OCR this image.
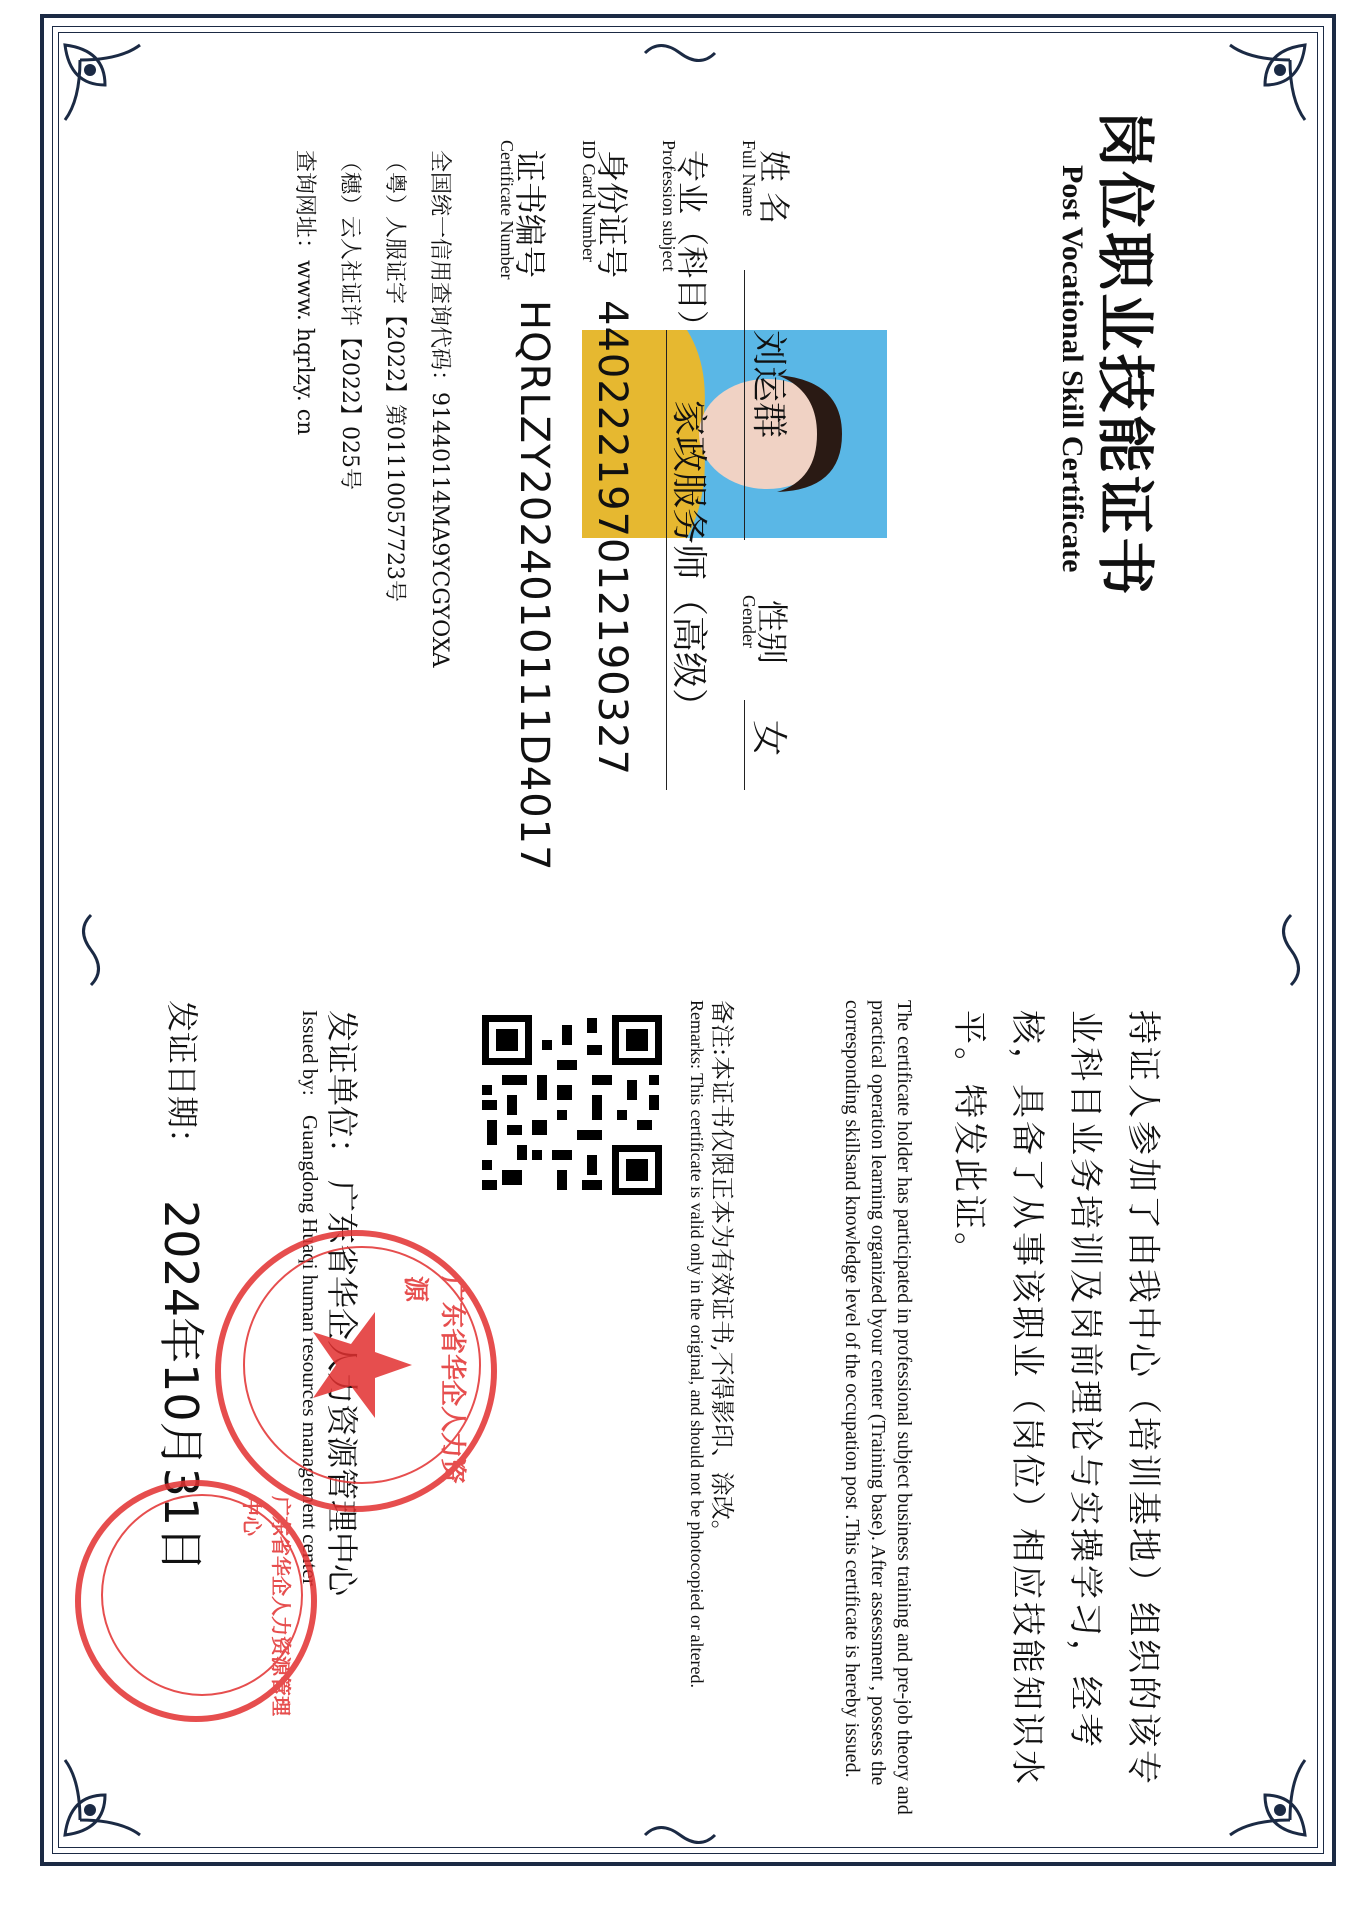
岗位职业技能证书
Post Vocational Skill Certificate
姓 名
Full Name
刘运群
性别
Gender
女
专业（科目）
Profession subject
家政服务师（高级）
身份证号
ID Card Number
440222197012190327
证书编号
Certificate Number
HQRLZY2024010111D4017
全国统一信用查询代码：91440114MA9YCGYOXA
（粤）人服证字【2022】第01110057723号
（穗）云人社证许【2022】025号
查询网址：www. hqrlzy. cn
持证人参加了由我中心（培训基地）组织的该专业科目业务培训及岗前理论与实操学习，经考核，具备了从事该职业（岗位）相应技能知识水平。特发此证。
The certificate holder has participated in professional subject business training and pre-job theory and practical operation learning organized byour center (Training base). After assessment , possess the corresponding skillsand knowledge level of the occupation post .This certificate is hereby issued.
备注:本证书仅限正本为有效证书,不得影印、涂改。
Remarks: This certificate is valid only in the original, and should not be photocopied or altered.
发证单位：
Issued by:
Guangdong Huaqi human resources management center
发证日期：
2024年10月31日	广东省华企人力资源
广东省华企人力资源管理中心
